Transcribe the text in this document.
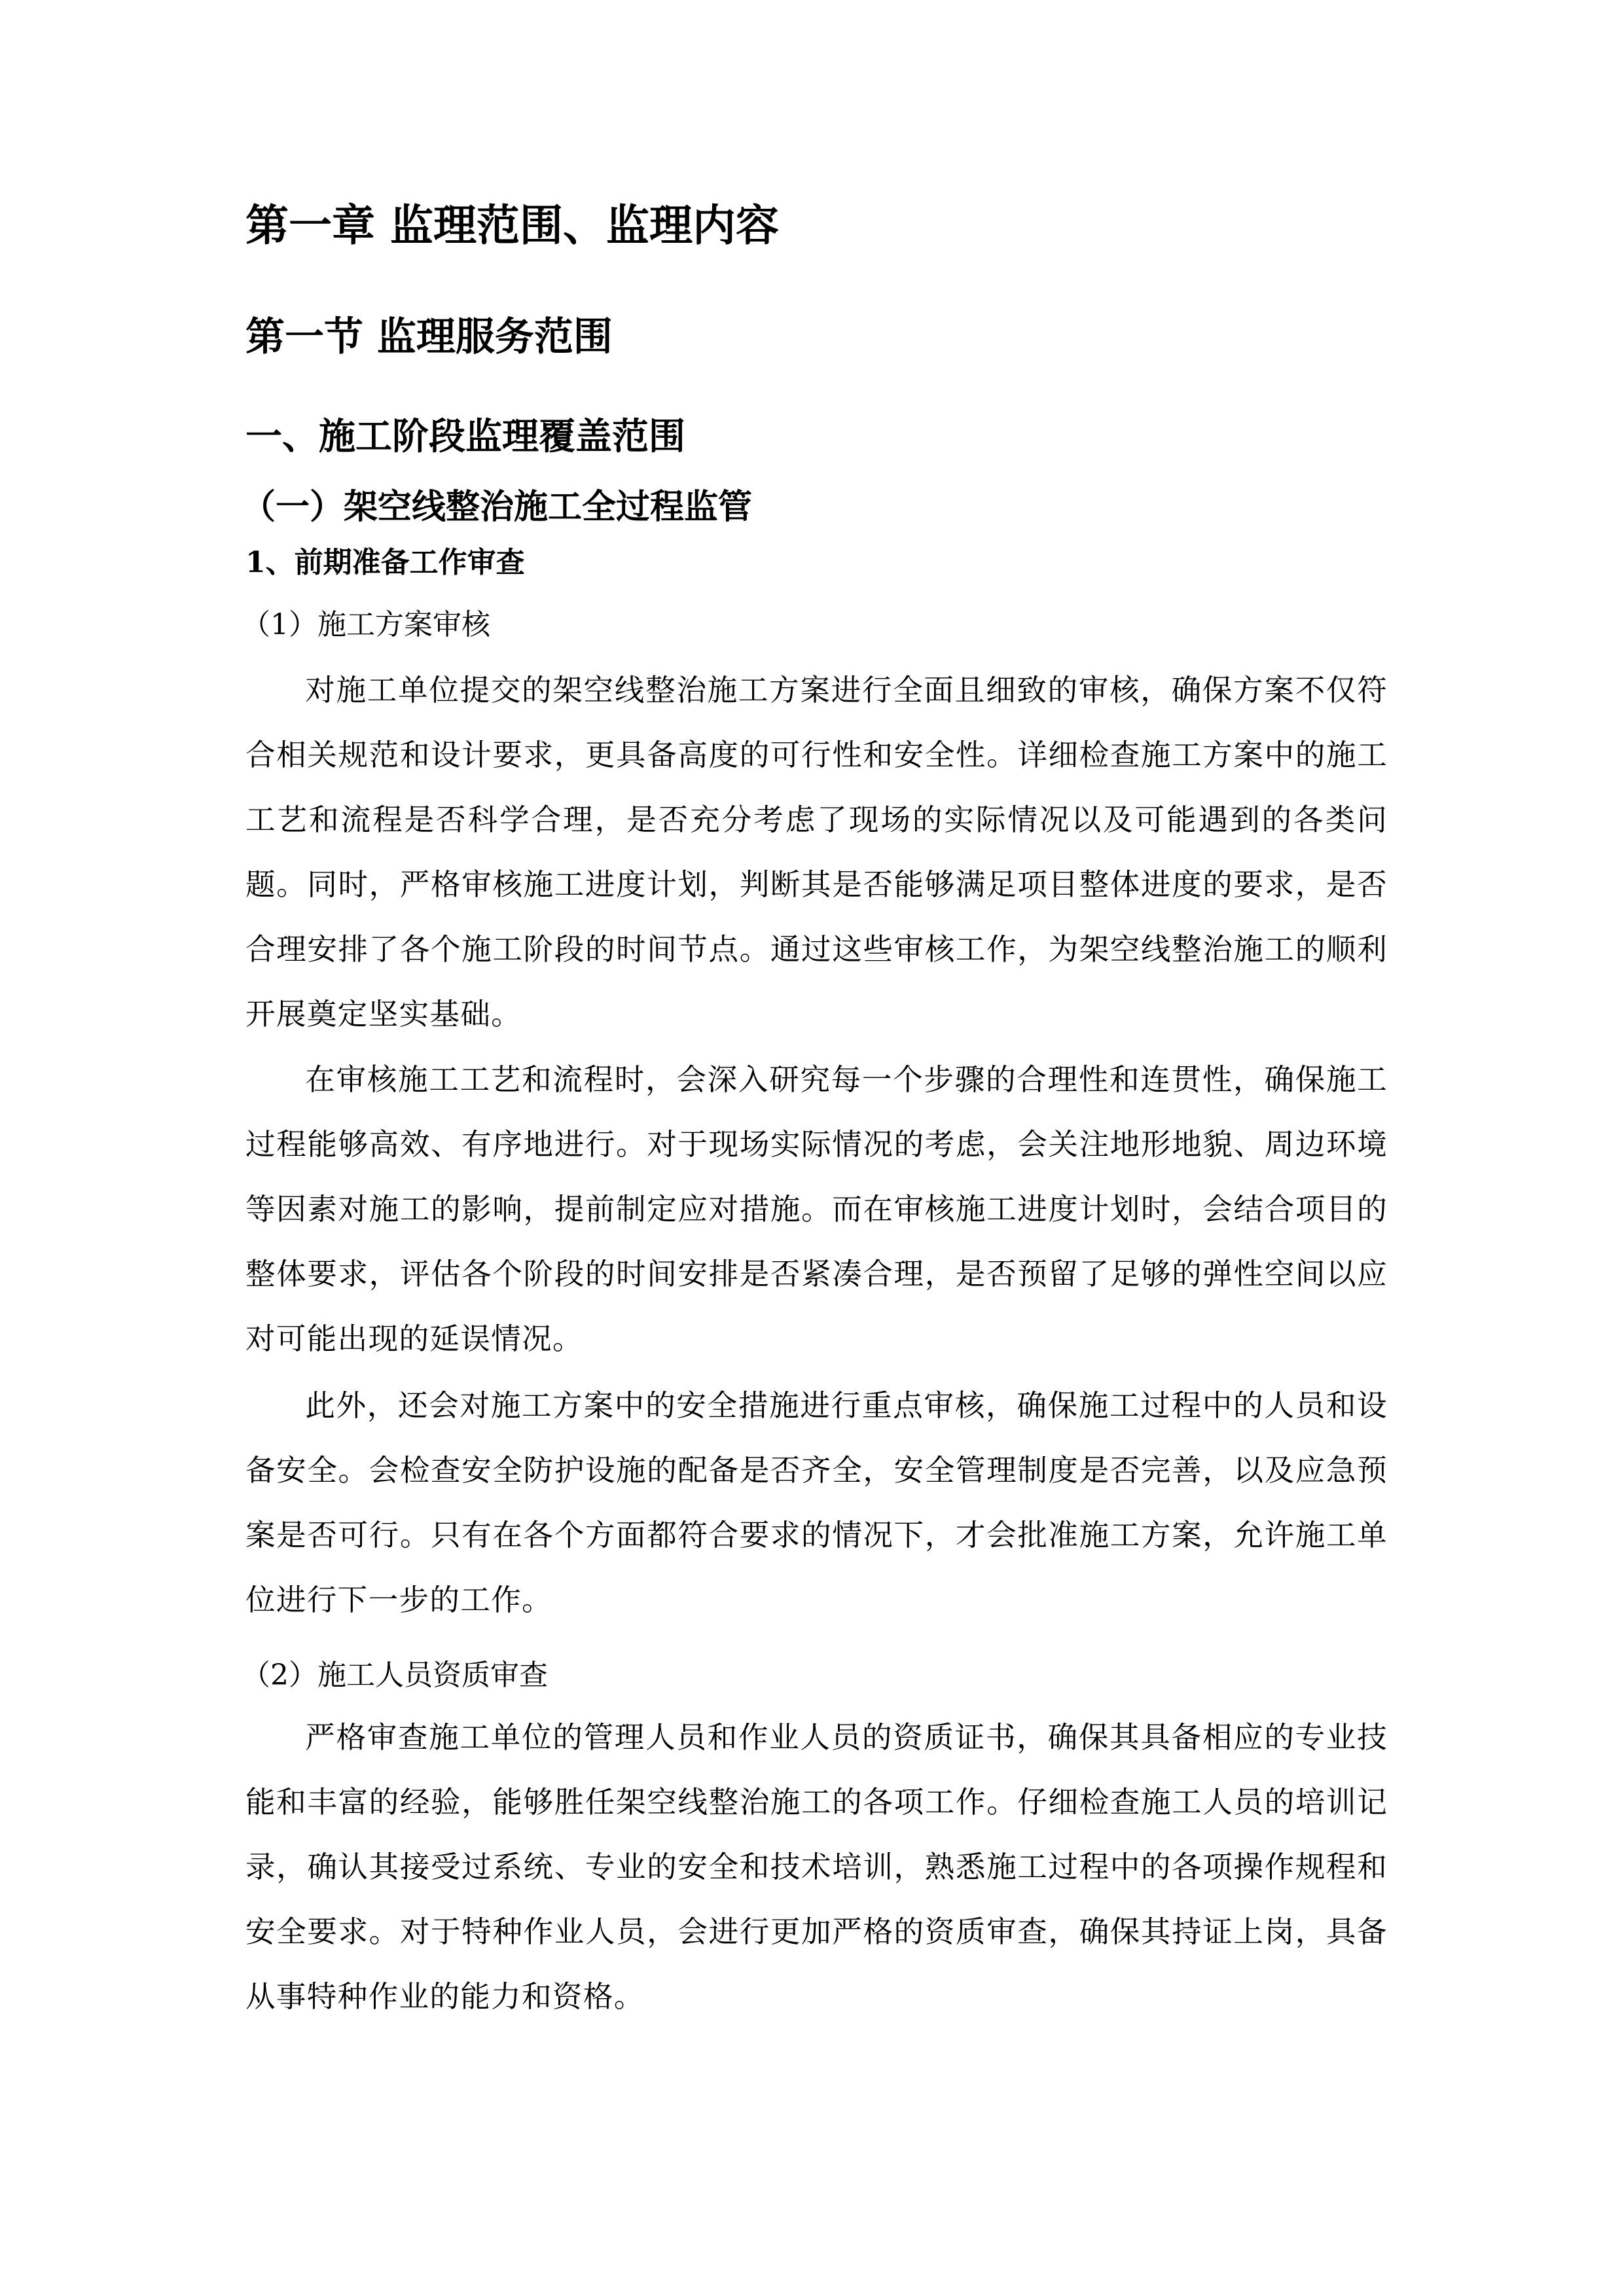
第一章 监理范围、监理内容
第一节 监理服务范围
一、施工阶段监理覆盖范围
（一）架空线整治施工全过程监管
1、前期准备工作审查
（1）施工方案审核

对施工单位提交的架空线整治施工方案进行全面且细致的审核，确保方案不仅符合相关规范和设计要求，更具备高度的可行性和安全性。详细检查施工方案中的施工工艺和流程是否科学合理，是否充分考虑了现场的实际情况以及可能遇到的各类问题。同时，严格审核施工进度计划，判断其是否能够满足项目整体进度的要求，是否合理安排了各个施工阶段的时间节点。通过这些审核工作，为架空线整治施工的顺利开展奠定坚实基础。

在审核施工工艺和流程时，会深入研究每一个步骤的合理性和连贯性，确保施工过程能够高效、有序地进行。对于现场实际情况的考虑，会关注地形地貌、周边环境等因素对施工的影响，提前制定应对措施。而在审核施工进度计划时，会结合项目的整体要求，评估各个阶段的时间安排是否紧凑合理，是否预留了足够的弹性空间以应对可能出现的延误情况。

此外，还会对施工方案中的安全措施进行重点审核，确保施工过程中的人员和设备安全。会检查安全防护设施的配备是否齐全，安全管理制度是否完善，以及应急预案是否可行。只有在各个方面都符合要求的情况下，才会批准施工方案，允许施工单位进行下一步的工作。

（2）施工人员资质审查

严格审查施工单位的管理人员和作业人员的资质证书，确保其具备相应的专业技能和丰富的经验，能够胜任架空线整治施工的各项工作。仔细检查施工人员的培训记录，确认其接受过系统、专业的安全和技术培训，熟悉施工过程中的各项操作规程和安全要求。对于特种作业人员，会进行更加严格的资质审查，确保其持证上岗，具备从事特种作业的能力和资格。
